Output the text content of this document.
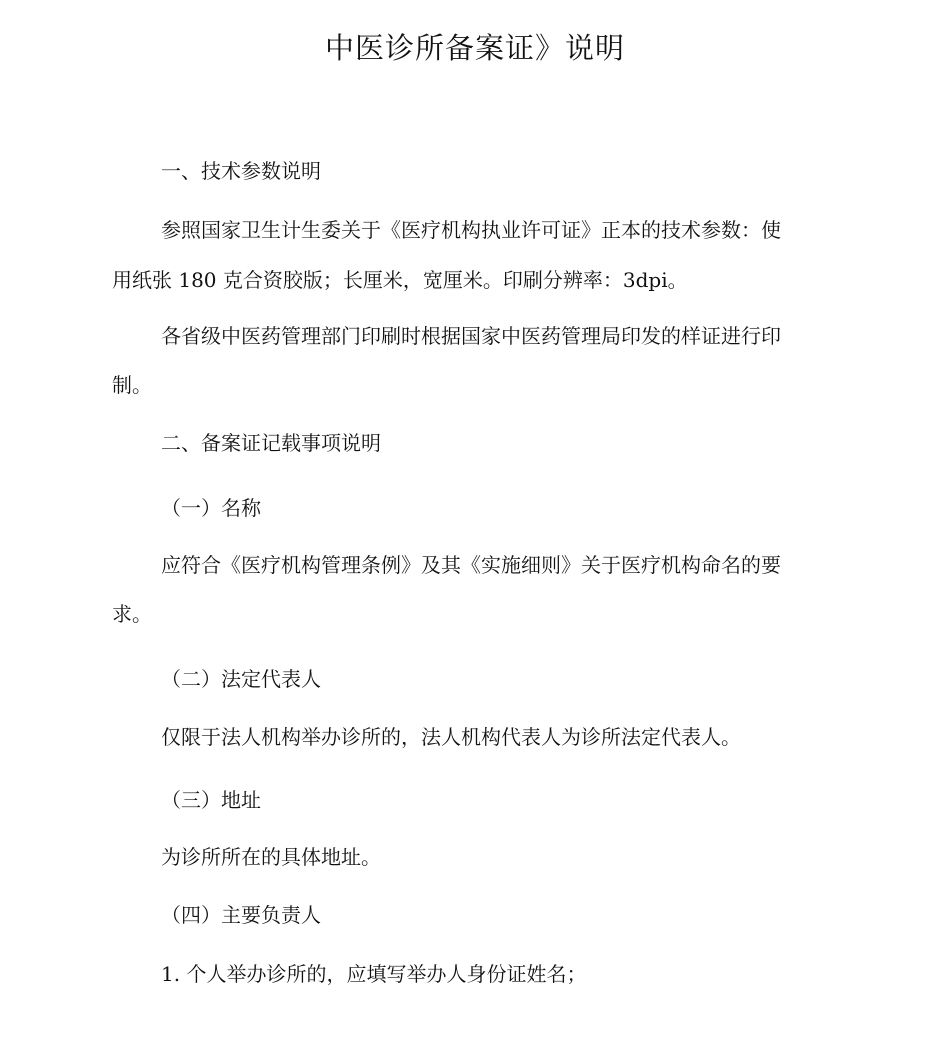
中医诊所备案证》说明

一、技术参数说明

参照国家卫生计生委关于《医疗机构执业许可证》正本的技术参数：使

用纸张 180 克合资胶版；长厘米，宽厘米。印刷分辨率：3dpi。

各省级中医药管理部门印刷时根据国家中医药管理局印发的样证进行印

制。

二、备案证记载事项说明

（一）名称

应符合《医疗机构管理条例》及其《实施细则》关于医疗机构命名的要

求。

（二）法定代表人

仅限于法人机构举办诊所的，法人机构代表人为诊所法定代表人。

（三）地址

为诊所所在的具体地址。

（四）主要负责人

1. 个人举办诊所的，应填写举办人身份证姓名；
